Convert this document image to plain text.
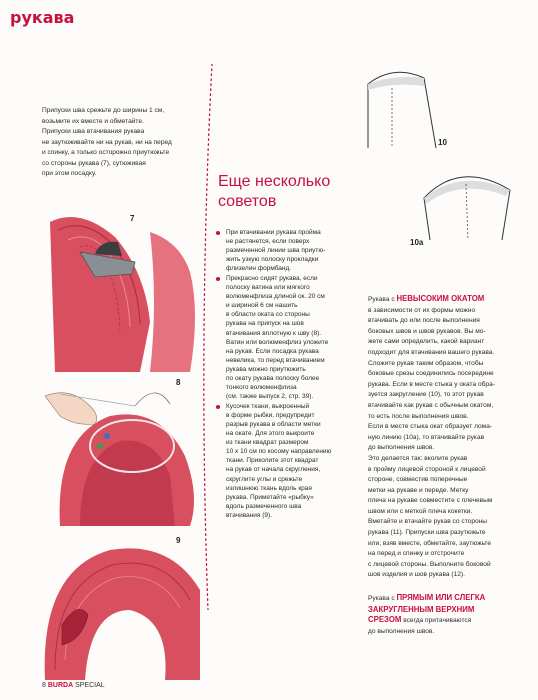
рукава

Припуски шва срежьте до ширины 1 см,

возьмите их вместе и обметайте.

Припуски шва втачивания рукава

не заутюживайте ни на рукав, ни на перед

и спинку, а только осторожно приутюжьте

со стороны рукава (7), сутюживая

при этом посадку.

7
8
9
10
10a
Еще несколько
советов
При втачивании рукава пройма
не растянется, если поверх
размеченной линии шва приутю-
жить узкую полоску прокладки
флизелин формбанд.
Прекрасно сидят рукава, если
полоску ватина или мягкого
волюменфлиза длиной ок. 20 см
и шириной 6 см нашить
в области оката со стороны
рукава на припуск на шов
втачивания вплотную к шву (8).
Ватин или волюменфлиз уложите
на рукав. Если посадка рукава
невелика, то перед втачиванием
рукава можно приутюжить
по окату рукава полоску более
тонкого волюменфлиза
(см. также выпуск 2, стр. 39).
Кусочек ткани, выкроенный
в форме рыбки, предупредит
разрыв рукава в области метки
на окате. Для этого выкроите
из ткани квадрат размером
10 х 10 см по косому направлению
ткани. Приколите этот квадрат
на рукав от начала скругления,
скруглите углы и срежьте
излишнюю ткань вдоль края
рукава. Приметайте «рыбку»
вдоль размеченного шва
втачивания (9).
Рукава с НЕВЫСОКИМ ОКАТОМ
в зависимости от их формы можно
втачивать до или после выполнения
боковых швов и швов рукавов. Вы мо-
жете сами определить, какой вариант
подходит для втачивания вашего рукава.
Сложите рукав таким образом, чтобы
боковые срезы соединились посередине
рукава. Если в месте стыка у оката обра-
зуется закругление (10), то этот рукав
втачивайте как рукав с обычным окатом,
то есть после выполнения швов.
Если в месте стыка окат образует лома-
ную линию (10а), то втачивайте рукав
до выполнения швов.
Это делается так: вколите рукав
в пройму лицевой стороной к лицевой
стороне, совместив поперечные
метки на рукаве и переде. Метку
плеча на рукаве совместите с плечевым
швом или с меткой плеча кокетки.
Вметайте и втачайте рукав со стороны
рукава (11). Припуски шва разутюжьте
или, взяв вместе, обметайте, заутюжьте
на перед и спинку и отстрочите
с лицевой стороны. Выполните боковой
шов изделия и шов рукава (12).
Рукава с ПРЯМЫМ ИЛИ СЛЕГКА
ЗАКРУГЛЕННЫМ ВЕРХНИМ
СРЕЗОМ всегда притачиваются
до выполнения швов.
8 BURDA SPECIAL
